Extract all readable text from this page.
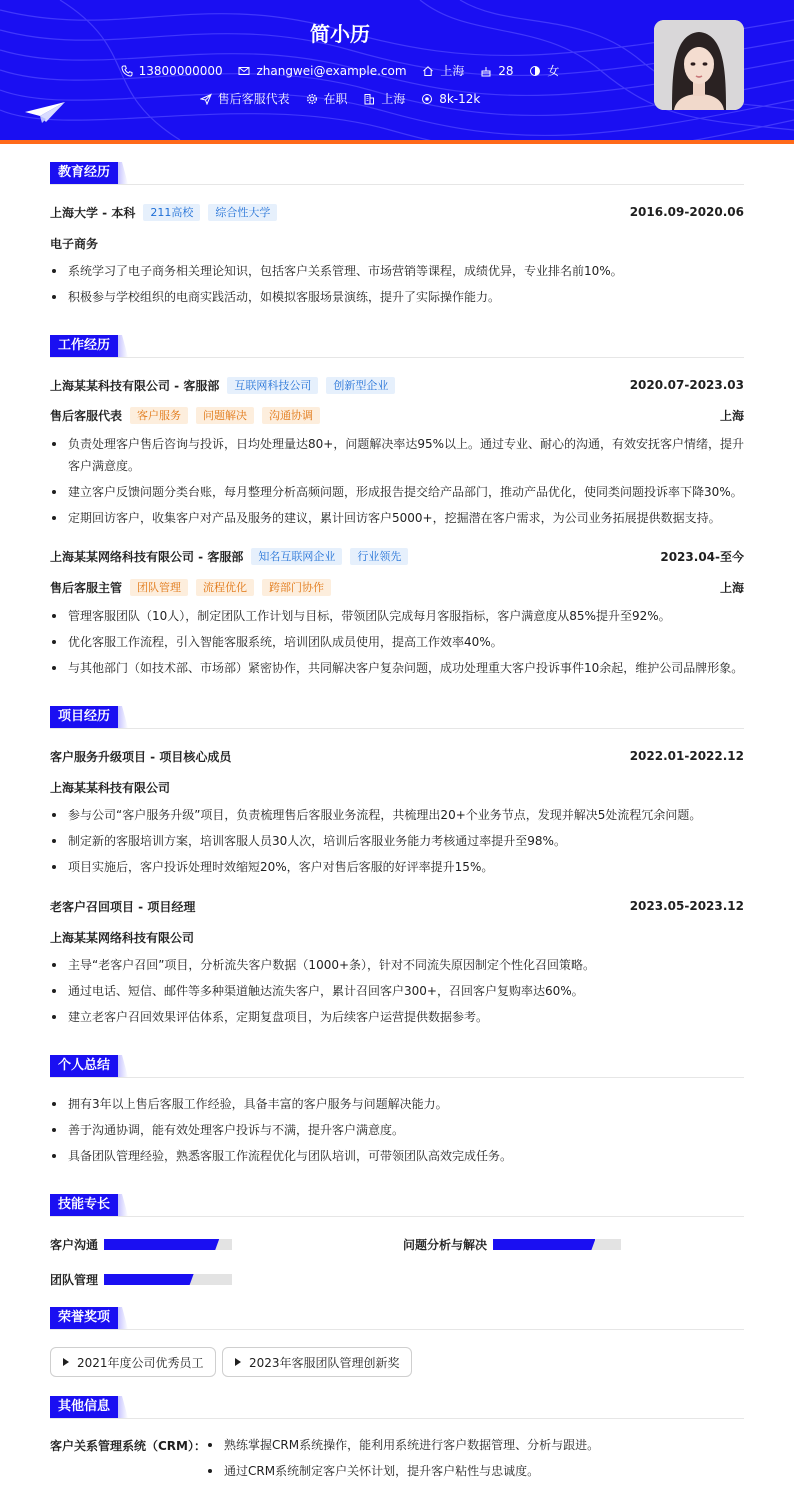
简小历
13800000000	zhangwei@example.com	上海	28	女
售后客服代表	在职	上海	8k-12k
教育经历
上海大学 - 本科	211高校	综合性大学	2016.09-2020.06
电子商务
系统学习了电子商务相关理论知识，包括客户关系管理、市场营销等课程，成绩优异，专业排名前10%。
积极参与学校组织的电商实践活动，如模拟客服场景演练，提升了实际操作能力。
工作经历
上海某某科技有限公司 - 客服部	互联网科技公司	创新型企业	2020.07-2023.03
售后客服代表	客户服务	问题解决	沟通协调	上海
负责处理客户售后咨询与投诉，日均处理量达80+，问题解决率达95%以上。通过专业、耐心的沟通，有效安抚客户情绪，提升客户满意度。
建立客户反馈问题分类台账，每月整理分析高频问题，形成报告提交给产品部门，推动产品优化，使同类问题投诉率下降30%。
定期回访客户，收集客户对产品及服务的建议，累计回访客户5000+，挖掘潜在客户需求，为公司业务拓展提供数据支持。
上海某某网络科技有限公司 - 客服部	知名互联网企业	行业领先	2023.04-至今
售后客服主管	团队管理	流程优化	跨部门协作	上海
管理客服团队（10人），制定团队工作计划与目标，带领团队完成每月客服指标，客户满意度从85%提升至92%。
优化客服工作流程，引入智能客服系统，培训团队成员使用，提高工作效率40%。
与其他部门（如技术部、市场部）紧密协作，共同解决客户复杂问题，成功处理重大客户投诉事件10余起，维护公司品牌形象。
项目经历
客户服务升级项目 - 项目核心成员	2022.01-2022.12
上海某某科技有限公司
参与公司“客户服务升级”项目，负责梳理售后客服业务流程，共梳理出20+个业务节点，发现并解决5处流程冗余问题。
制定新的客服培训方案，培训客服人员30人次，培训后客服业务能力考核通过率提升至98%。
项目实施后，客户投诉处理时效缩短20%，客户对售后客服的好评率提升15%。
老客户召回项目 - 项目经理	2023.05-2023.12
上海某某网络科技有限公司
主导“老客户召回”项目，分析流失客户数据（1000+条），针对不同流失原因制定个性化召回策略。
通过电话、短信、邮件等多种渠道触达流失客户，累计召回客户300+，召回客户复购率达60%。
建立老客户召回效果评估体系，定期复盘项目，为后续客户运营提供数据参考。
个人总结
拥有3年以上售后客服工作经验，具备丰富的客户服务与问题解决能力。
善于沟通协调，能有效处理客户投诉与不满，提升客户满意度。
具备团队管理经验，熟悉客服工作流程优化与团队培训，可带领团队高效完成任务。
技能专长
客户沟通	问题分析与解决
团队管理
荣誉奖项
2021年度公司优秀员工	2023年客服团队管理创新奖
其他信息
客户关系管理系统（CRM）：	熟练掌握CRM系统操作，能利用系统进行客户数据管理、分析与跟进。
通过CRM系统制定客户关怀计划，提升客户粘性与忠诚度。
